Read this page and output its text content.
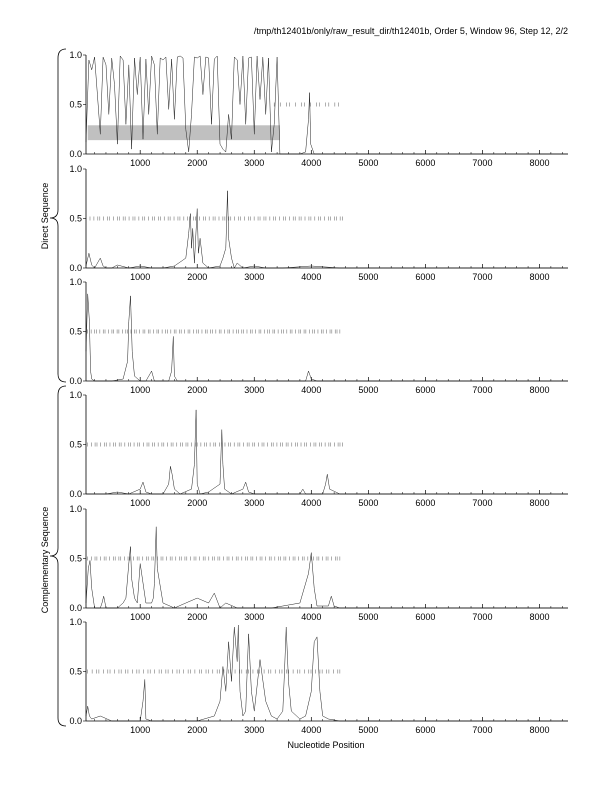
/tmp/th12401b/only/raw_result_dir/th12401b, Order 5, Window 96, Step 12, 2/2
0.0
0.5
1.0
1000	2000	3000	4000	5000	6000	7000	8000
0.0
0.5
1.0
1000	2000	3000	4000	5000	6000	7000	8000
0.0
0.5
1.0
1000	2000	3000	4000	5000	6000	7000	8000
0.0
0.5
1.0
1000	2000	3000	4000	5000	6000	7000	8000
0.0
0.5
1.0
1000	2000	3000	4000	5000	6000	7000	8000
0.0
0.5
1.0
1000	2000	3000	4000	5000	6000	7000	8000
Direct Sequence
Complementary Sequence
Nucleotide Position
